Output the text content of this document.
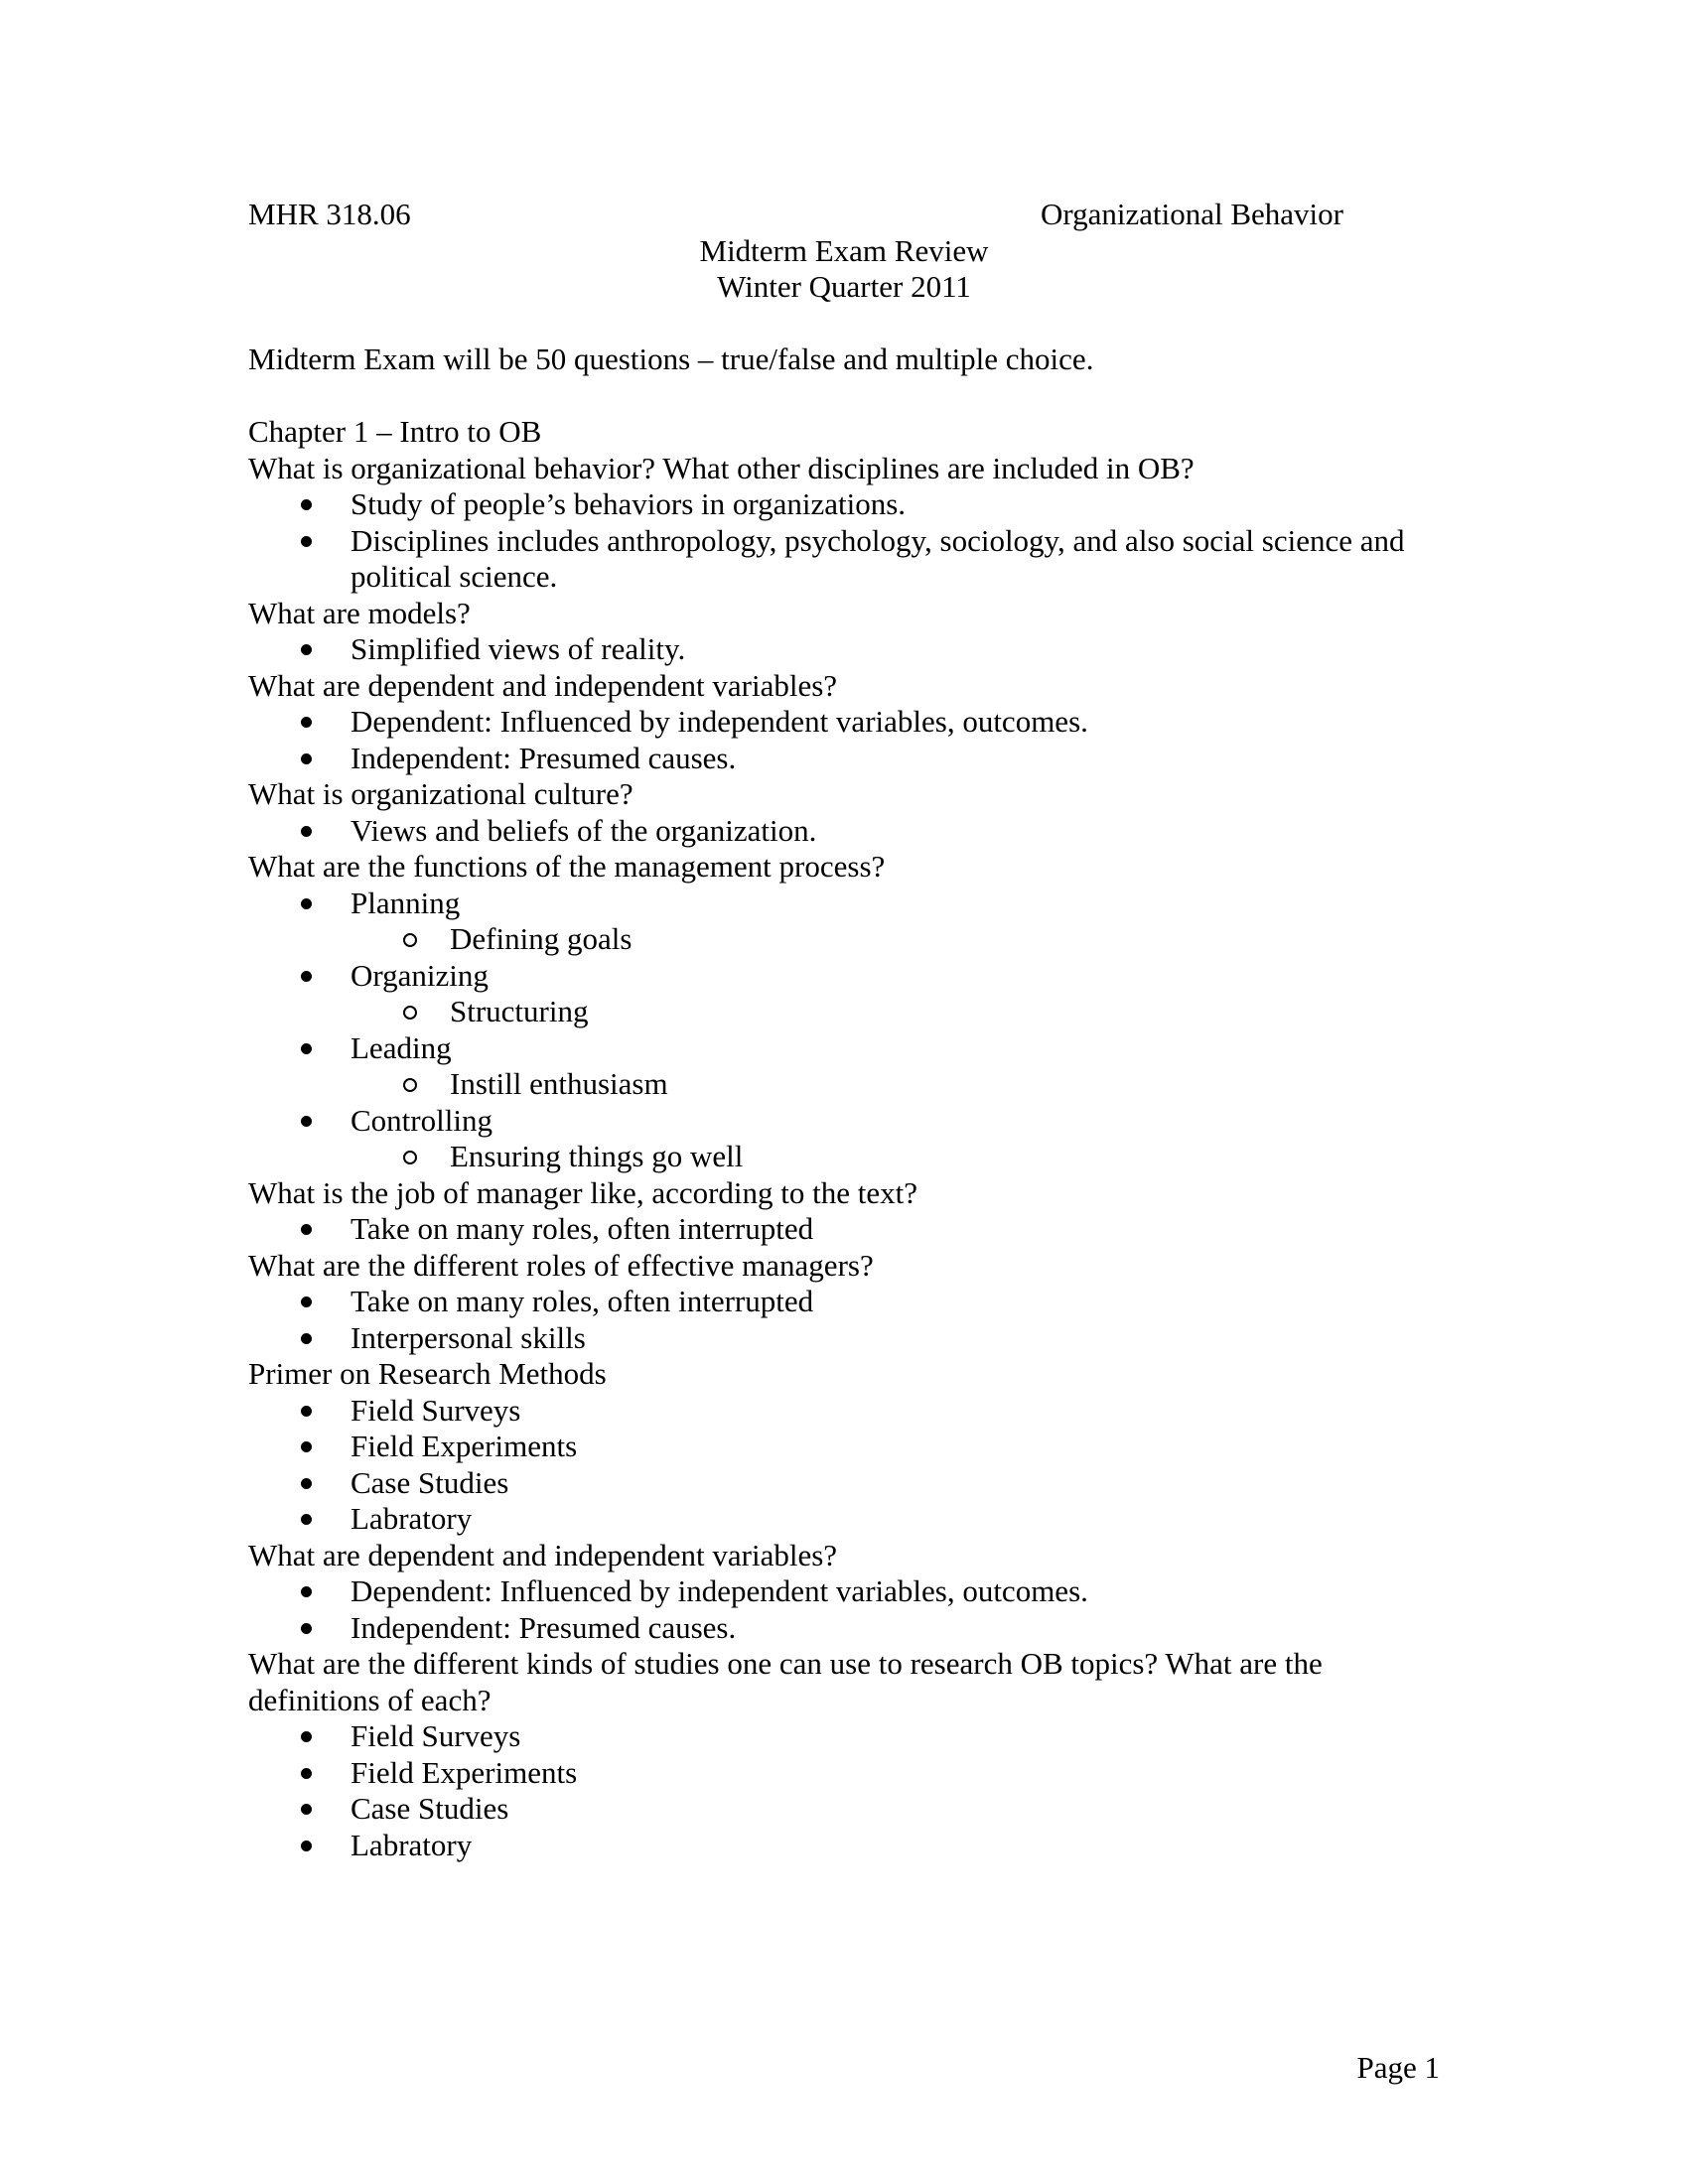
MHR 318.06	Organizational Behavior
Midterm Exam Review
Winter Quarter 2011
Midterm Exam will be 50 questions – true/false and multiple choice.
Chapter 1 – Intro to OB
What is organizational behavior? What other disciplines are included in OB?
Study of people’s behaviors in organizations.
Disciplines includes anthropology, psychology, sociology, and also social science and political science.
What are models?
Simplified views of reality.
What are dependent and independent variables?
Dependent: Influenced by independent variables, outcomes.
Independent: Presumed causes.
What is organizational culture?
Views and beliefs of the organization.
What are the functions of the management process?
Planning
Defining goals
Organizing
Structuring
Leading
Instill enthusiasm
Controlling
Ensuring things go well
What is the job of manager like, according to the text?
Take on many roles, often interrupted
What are the different roles of effective managers?
Take on many roles, often interrupted
Interpersonal skills
Primer on Research Methods
Field Surveys
Field Experiments
Case Studies
Labratory
What are dependent and independent variables?
Dependent: Influenced by independent variables, outcomes.
Independent: Presumed causes.
What are the different kinds of studies one can use to research OB topics? What are the definitions of each?
Field Surveys
Field Experiments
Case Studies
Labratory
Page 1
